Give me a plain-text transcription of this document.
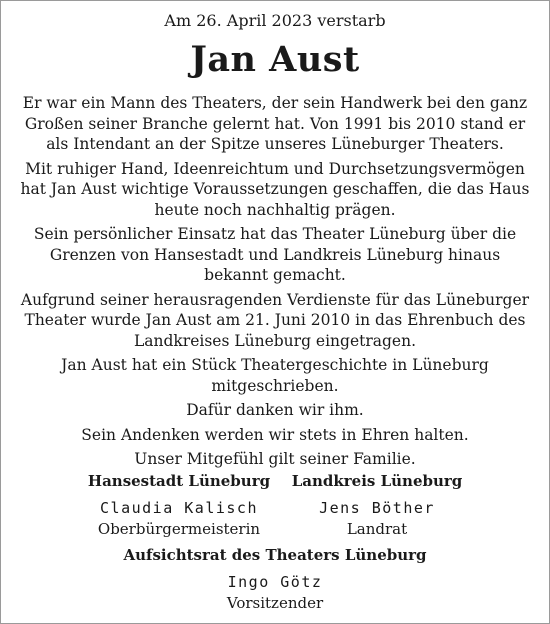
Am 26. April 2023 verstarb
Jan Aust

Er war ein Mann des Theaters, der sein Handwerk bei den ganz Großen seiner Branche gelernt hat. Von 1991 bis 2010 stand er als Intendant an der Spitze unseres Lüneburger Theaters.

Mit ruhiger Hand, Ideenreichtum und Durchsetzungsvermögen hat Jan Aust wichtige Voraussetzungen geschaffen, die das Haus heute noch nachhaltig prägen.

Sein persönlicher Einsatz hat das Theater Lüneburg über die Grenzen von Hansestadt und Landkreis Lüneburg hinaus bekannt gemacht.

Aufgrund seiner herausragenden Verdienste für das Lüneburger Theater wurde Jan Aust am 21. Juni 2010 in das Ehrenbuch des Landkreises Lüneburg eingetragen.

Jan Aust hat ein Stück Theatergeschichte in Lüneburg mitgeschrieben.

Dafür danken wir ihm.

Sein Andenken werden wir stets in Ehren halten.

Unser Mitgefühl gilt seiner Familie.

Hansestadt Lüneburg
Claudia Kalisch
Oberbürgermeisterin
Landkreis Lüneburg
Jens Böther
Landrat
Aufsichtsrat des Theaters Lüneburg
Ingo Götz
Vorsitzender
